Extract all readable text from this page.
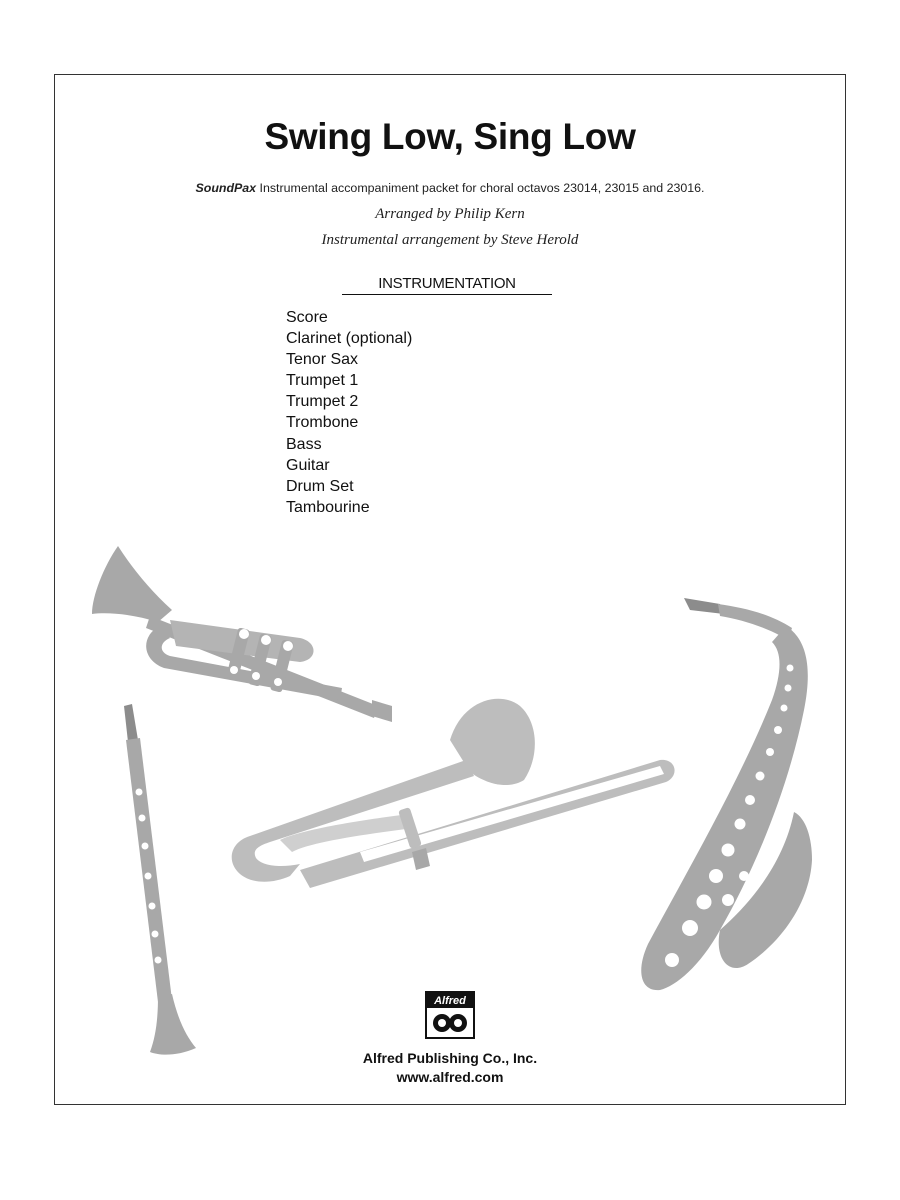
Swing Low, Sing Low
SoundPax Instrumental accompaniment packet for choral octavos 23014, 23015 and 23016.
Arranged by Philip Kern
Instrumental arrangement by Steve Herold
INSTRUMENTATION
Score
Clarinet (optional)
Tenor Sax
Trumpet 1
Trumpet 2
Trombone
Bass
Guitar
Drum Set
Tambourine
Alfred
Alfred Publishing Co., Inc.
www.alfred.com
